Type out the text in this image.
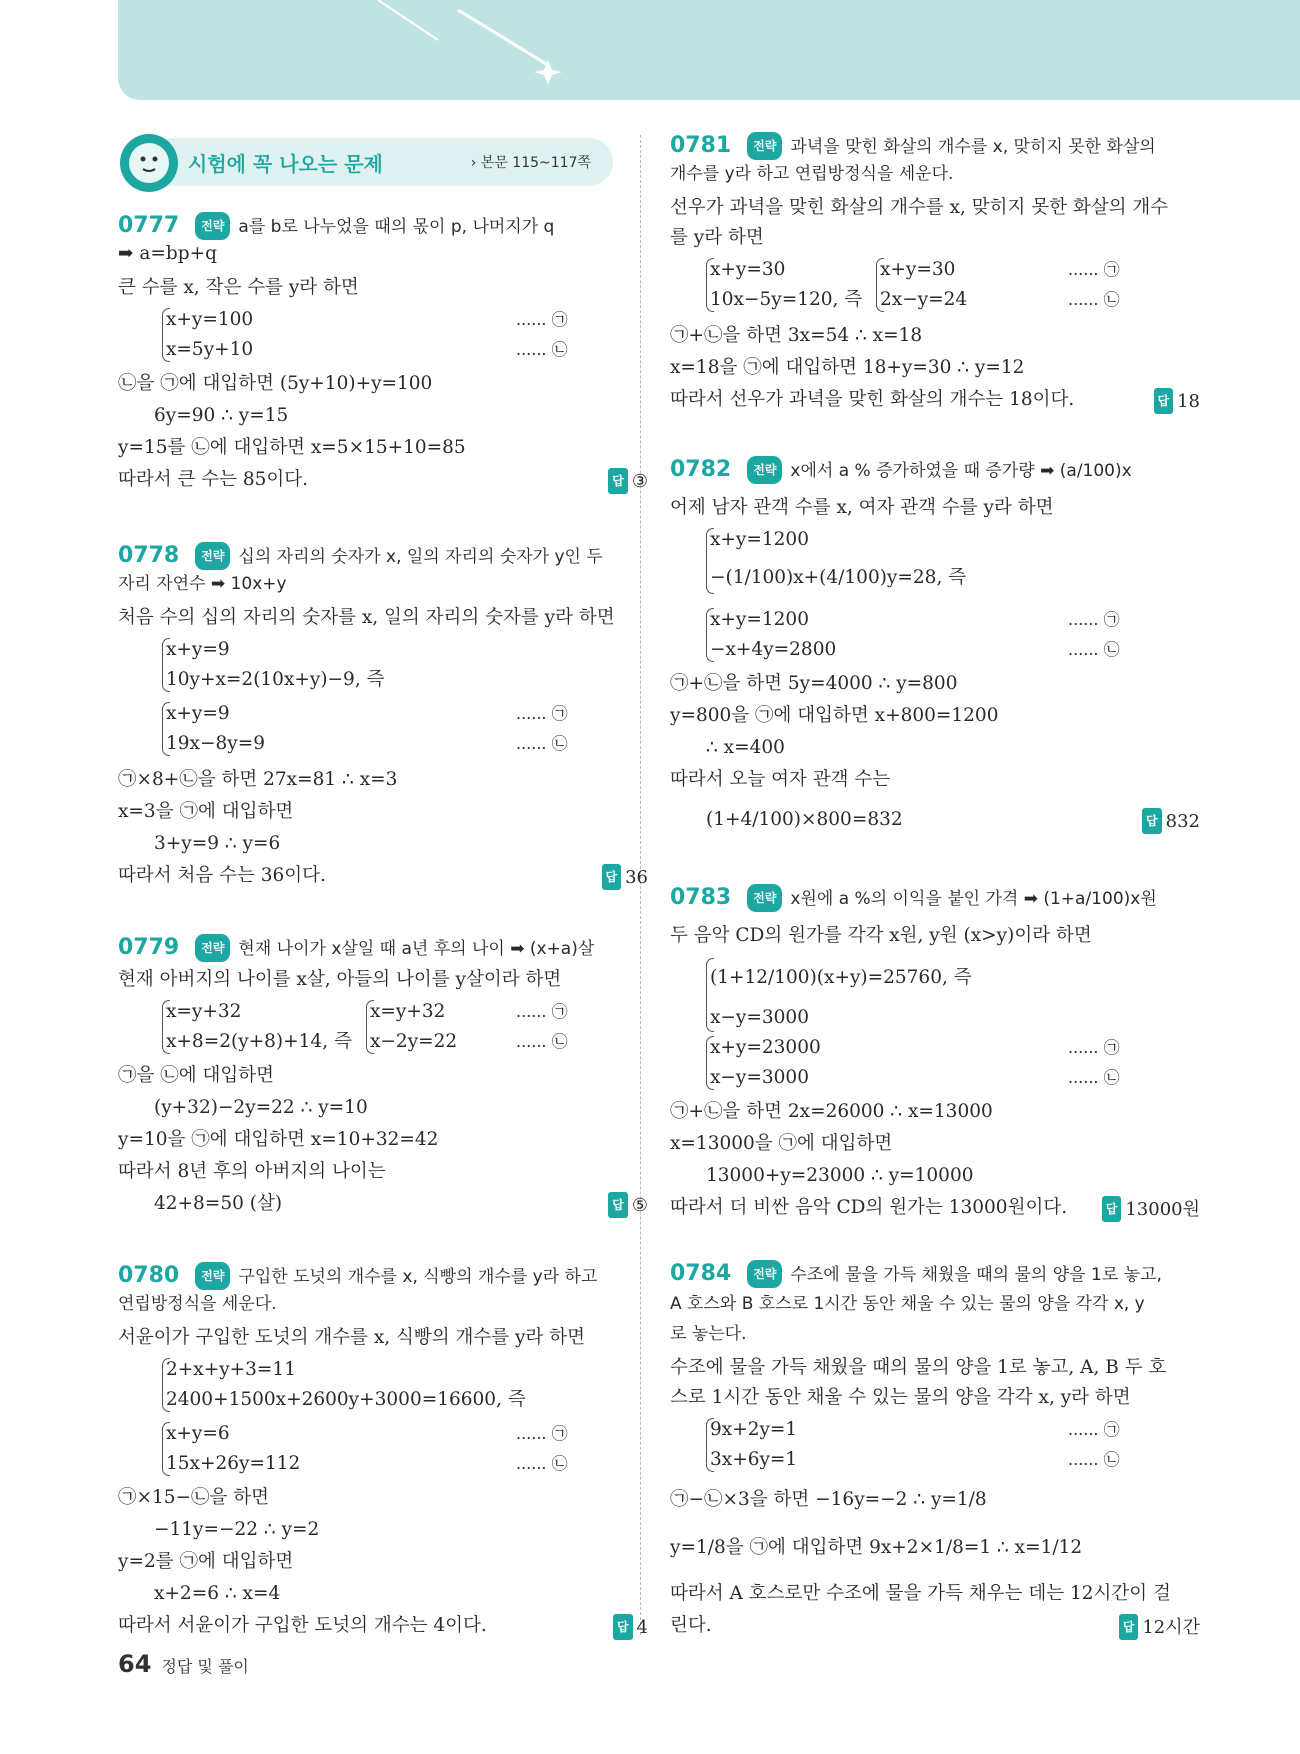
시험에 꼭 나오는 문제	› 본문 115~117쪽
0777 전략 a를 b로 나누었을 때의 몫이 p, 나머지가 q
➡ a=bp+q
큰 수를 x, 작은 수를 y라 하면
x+y=100	...... ㉠
x=5y+10	...... ㉡
㉡을 ㉠에 대입하면 (5y+10)+y=100
6y=90 ∴ y=15
y=15를 ㉡에 대입하면 x=5×15+10=85
따라서 큰 수는 85이다.	답 ③
0778 전략 십의 자리의 숫자가 x, 일의 자리의 숫자가 y인 두
자리 자연수 ➡ 10x+y
처음 수의 십의 자리의 숫자를 x, 일의 자리의 숫자를 y라 하면
x+y=9
10y+x=2(10x+y)−9, 즉
x+y=9	...... ㉠
19x−8y=9	...... ㉡
㉠×8+㉡을 하면 27x=81 ∴ x=3
x=3을 ㉠에 대입하면
3+y=9 ∴ y=6
따라서 처음 수는 36이다.	답 36
0779 전략 현재 나이가 x살일 때 a년 후의 나이 ➡ (x+a)살
현재 아버지의 나이를 x살, 아들의 나이를 y살이라 하면
x=y+32
x+8=2(y+8)+14, 즉
x=y+32	...... ㉠
x−2y=22	...... ㉡
㉠을 ㉡에 대입하면
(y+32)−2y=22 ∴ y=10
y=10을 ㉠에 대입하면 x=10+32=42
따라서 8년 후의 아버지의 나이는
42+8=50 (살)	답 ⑤
0780 전략 구입한 도넛의 개수를 x, 식빵의 개수를 y라 하고
연립방정식을 세운다.
서윤이가 구입한 도넛의 개수를 x, 식빵의 개수를 y라 하면
2+x+y+3=11
2400+1500x+2600y+3000=16600, 즉
x+y=6	...... ㉠
15x+26y=112	...... ㉡
㉠×15−㉡을 하면
−11y=−22 ∴ y=2
y=2를 ㉠에 대입하면
x+2=6 ∴ x=4
따라서 서윤이가 구입한 도넛의 개수는 4이다.	답 4
0781 전략 과녁을 맞힌 화살의 개수를 x, 맞히지 못한 화살의
개수를 y라 하고 연립방정식을 세운다.
선우가 과녁을 맞힌 화살의 개수를 x, 맞히지 못한 화살의 개수
를 y라 하면
x+y=30
10x−5y=120, 즉
x+y=30	...... ㉠
2x−y=24	...... ㉡
㉠+㉡을 하면 3x=54 ∴ x=18
x=18을 ㉠에 대입하면 18+y=30 ∴ y=12
따라서 선우가 과녁을 맞힌 화살의 개수는 18이다.	답 18
0782 전략 x에서 a % 증가하였을 때 증가량 ➡ (a/100)x
어제 남자 관객 수를 x, 여자 관객 수를 y라 하면
x+y=1200
−(1/100)x+(4/100)y=28, 즉
x+y=1200	...... ㉠
−x+4y=2800	...... ㉡
㉠+㉡을 하면 5y=4000 ∴ y=800
y=800을 ㉠에 대입하면 x+800=1200
∴ x=400
따라서 오늘 여자 관객 수는
(1+4/100)×800=832	답 832
0783 전략 x원에 a %의 이익을 붙인 가격 ➡ (1+a/100)x원
두 음악 CD의 원가를 각각 x원, y원 (x>y)이라 하면
(1+12/100)(x+y)=25760, 즉
x−y=3000
x+y=23000	...... ㉠
x−y=3000	...... ㉡
㉠+㉡을 하면 2x=26000 ∴ x=13000
x=13000을 ㉠에 대입하면
13000+y=23000 ∴ y=10000
따라서 더 비싼 음악 CD의 원가는 13000원이다.	답 13000원
0784 전략 수조에 물을 가득 채웠을 때의 물의 양을 1로 놓고,
A 호스와 B 호스로 1시간 동안 채울 수 있는 물의 양을 각각 x, y
로 놓는다.
수조에 물을 가득 채웠을 때의 물의 양을 1로 놓고, A, B 두 호
스로 1시간 동안 채울 수 있는 물의 양을 각각 x, y라 하면
9x+2y=1	...... ㉠
3x+6y=1	...... ㉡
㉠−㉡×3을 하면 −16y=−2 ∴ y=1/8
y=1/8을 ㉠에 대입하면 9x+2×1/8=1 ∴ x=1/12
따라서 A 호스로만 수조에 물을 가득 채우는 데는 12시간이 걸
린다.	답 12시간
64 정답 및 풀이
